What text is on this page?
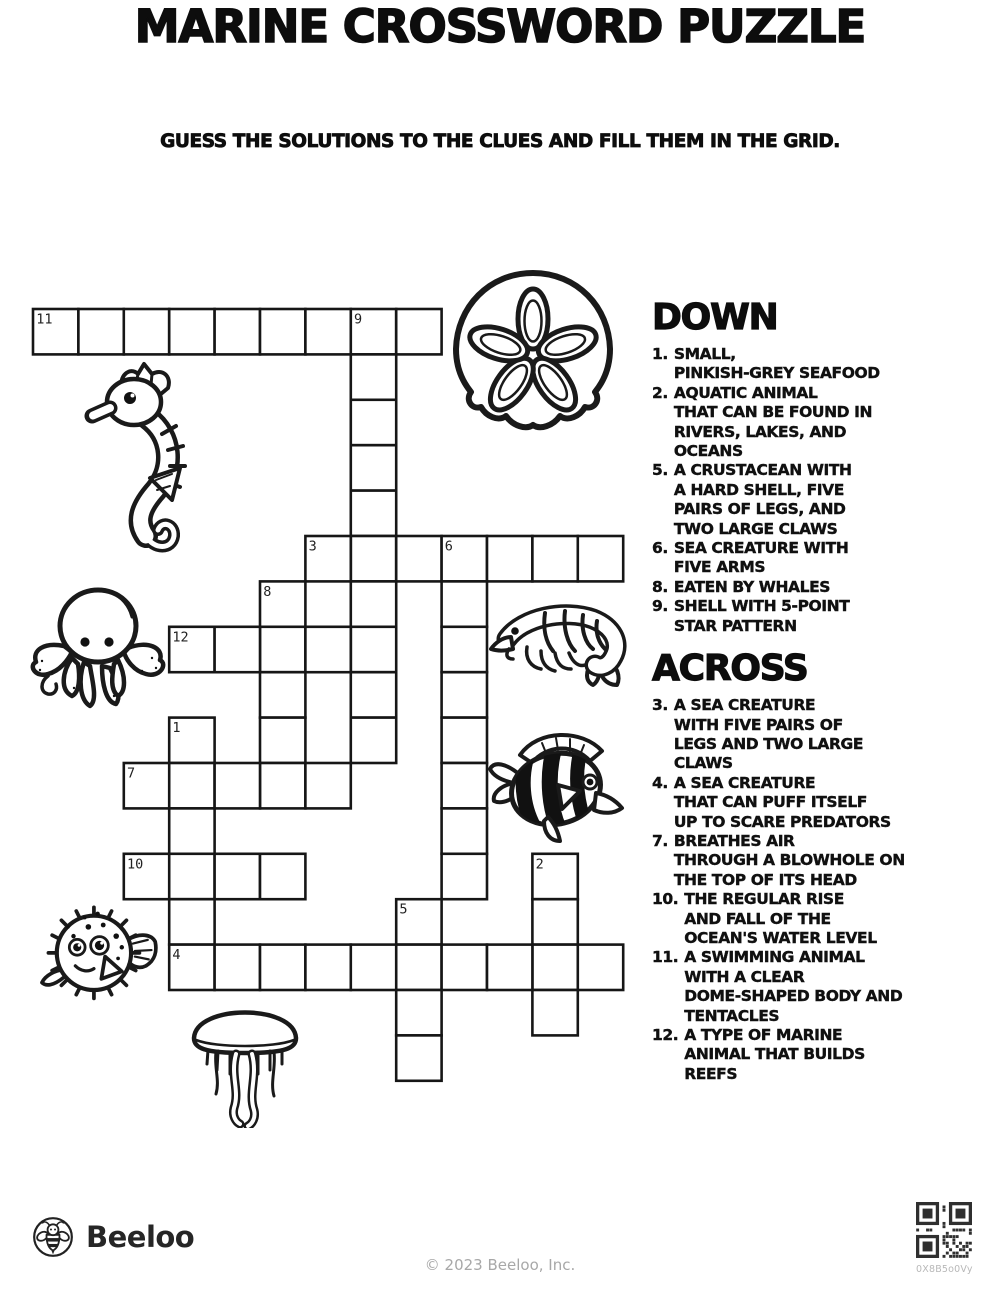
MARINE CROSSWORD PUZZLE

GUESS THE SOLUTIONS TO THE CLUES AND FILL THEM IN THE GRID.

11	9
3	6
8
12
1
7
10	2
5
4
DOWN
1. SMALL,
PINKISH-GREY SEAFOOD
2. AQUATIC ANIMAL
THAT CAN BE FOUND IN
RIVERS, LAKES, AND
OCEANS
5. A CRUSTACEAN WITH
A HARD SHELL, FIVE
PAIRS OF LEGS, AND
TWO LARGE CLAWS
6. SEA CREATURE WITH
FIVE ARMS
8. EATEN BY WHALES
9. SHELL WITH 5-POINT
STAR PATTERN
ACROSS
3. A SEA CREATURE
WITH FIVE PAIRS OF
LEGS AND TWO LARGE
CLAWS
4. A SEA CREATURE
THAT CAN PUFF ITSELF
UP TO SCARE PREDATORS
7. BREATHES AIR
THROUGH A BLOWHOLE ON
THE TOP OF ITS HEAD
10. THE REGULAR RISE
AND FALL OF THE
OCEAN'S WATER LEVEL
11. A SWIMMING ANIMAL
WITH A CLEAR
DOME-SHAPED BODY AND
TENTACLES
12. A TYPE OF MARINE
ANIMAL THAT BUILDS
REEFS
Beeloo
© 2023 Beeloo, Inc.	0X8B5o0Vy
